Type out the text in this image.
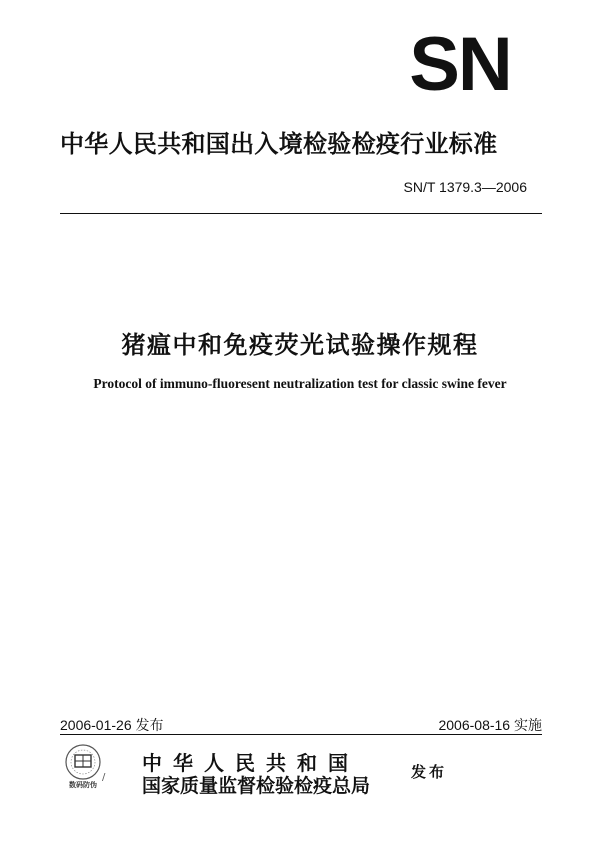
SN
中华人民共和国出入境检验检疫行业标准
SN/T 1379.3—2006
猪瘟中和免疫荧光试验操作规程
Protocol of immuno-fluoresent neutralization test for classic swine fever
2006-01-26 发布	2006-08-16 实施
数码防伪
/
中华人民共和国
国家质量监督检验检疫总局
发布
